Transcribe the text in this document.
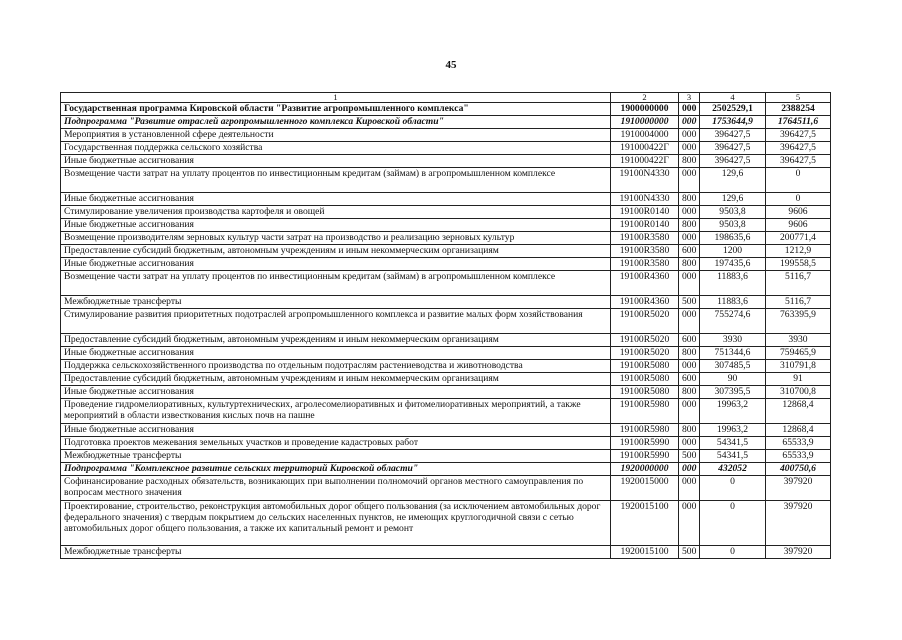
45
1	2	3	4	5
Государственная программа Кировской области "Развитие агропромышленного комплекса"	1900000000	000	2502529,1	2388254
Подпрограмма "Развитие отраслей агропромышленного комплекса Кировской области"	1910000000	000	1753644,9	1764511,6
Мероприятия в установленной сфере деятельности	1910004000	000	396427,5	396427,5
Государственная поддержка сельского хозяйства	191000422Г	000	396427,5	396427,5
Иные бюджетные ассигнования	191000422Г	800	396427,5	396427,5
Возмещение части затрат на уплату процентов по инвестиционным кредитам (займам) в агропромышленном комплексе	19100N4330	000	129,6	0
Иные бюджетные ассигнования	19100N4330	800	129,6	0
Стимулирование увеличения производства картофеля и овощей	19100R0140	000	9503,8	9606
Иные бюджетные ассигнования	19100R0140	800	9503,8	9606
Возмещение производителям зерновых культур части затрат на производство и реализацию зерновых культур	19100R3580	000	198635,6	200771,4
Предоставление субсидий бюджетным, автономным учреждениям и иным некоммерческим организациям	19100R3580	600	1200	1212,9
Иные бюджетные ассигнования	19100R3580	800	197435,6	199558,5
Возмещение части затрат на уплату процентов по инвестиционным кредитам (займам) в агропромышленном комплексе	19100R4360	000	11883,6	5116,7
Межбюджетные трансферты	19100R4360	500	11883,6	5116,7
Стимулирование развития приоритетных подотраслей агропромышленного комплекса и развитие малых форм хозяйствования	19100R5020	000	755274,6	763395,9
Предоставление субсидий бюджетным, автономным учреждениям и иным некоммерческим организациям	19100R5020	600	3930	3930
Иные бюджетные ассигнования	19100R5020	800	751344,6	759465,9
Поддержка сельскохозяйственного производства по отдельным подотраслям растениеводства и животноводства	19100R5080	000	307485,5	310791,8
Предоставление субсидий бюджетным, автономным учреждениям и иным некоммерческим организациям	19100R5080	600	90	91
Иные бюджетные ассигнования	19100R5080	800	307395,5	310700,8
Проведение гидромелиоративных, культуртехнических, агролесомелиоративных и фитомелиоративных мероприятий, а также мероприятий в области известкования кислых почв на пашне	19100R5980	000	19963,2	12868,4
Иные бюджетные ассигнования	19100R5980	800	19963,2	12868,4
Подготовка проектов межевания земельных участков и проведение кадастровых работ	19100R5990	000	54341,5	65533,9
Межбюджетные трансферты	19100R5990	500	54341,5	65533,9
Подпрограмма "Комплексное развитие сельских территорий Кировской области"	1920000000	000	432052	400750,6
Софинансирование расходных обязательств, возникающих при выполнении полномочий органов местного самоуправления по вопросам местного значения	1920015000	000	0	397920
Проектирование, строительство, реконструкция автомобильных дорог общего пользования (за исключением автомобильных дорог федерального значения) с твердым покрытием до сельских населенных пунктов, не имеющих круглогодичной связи с сетью автомобильных дорог общего пользования, а также их капитальный ремонт и ремонт	1920015100	000	0	397920
Межбюджетные трансферты	1920015100	500	0	397920
